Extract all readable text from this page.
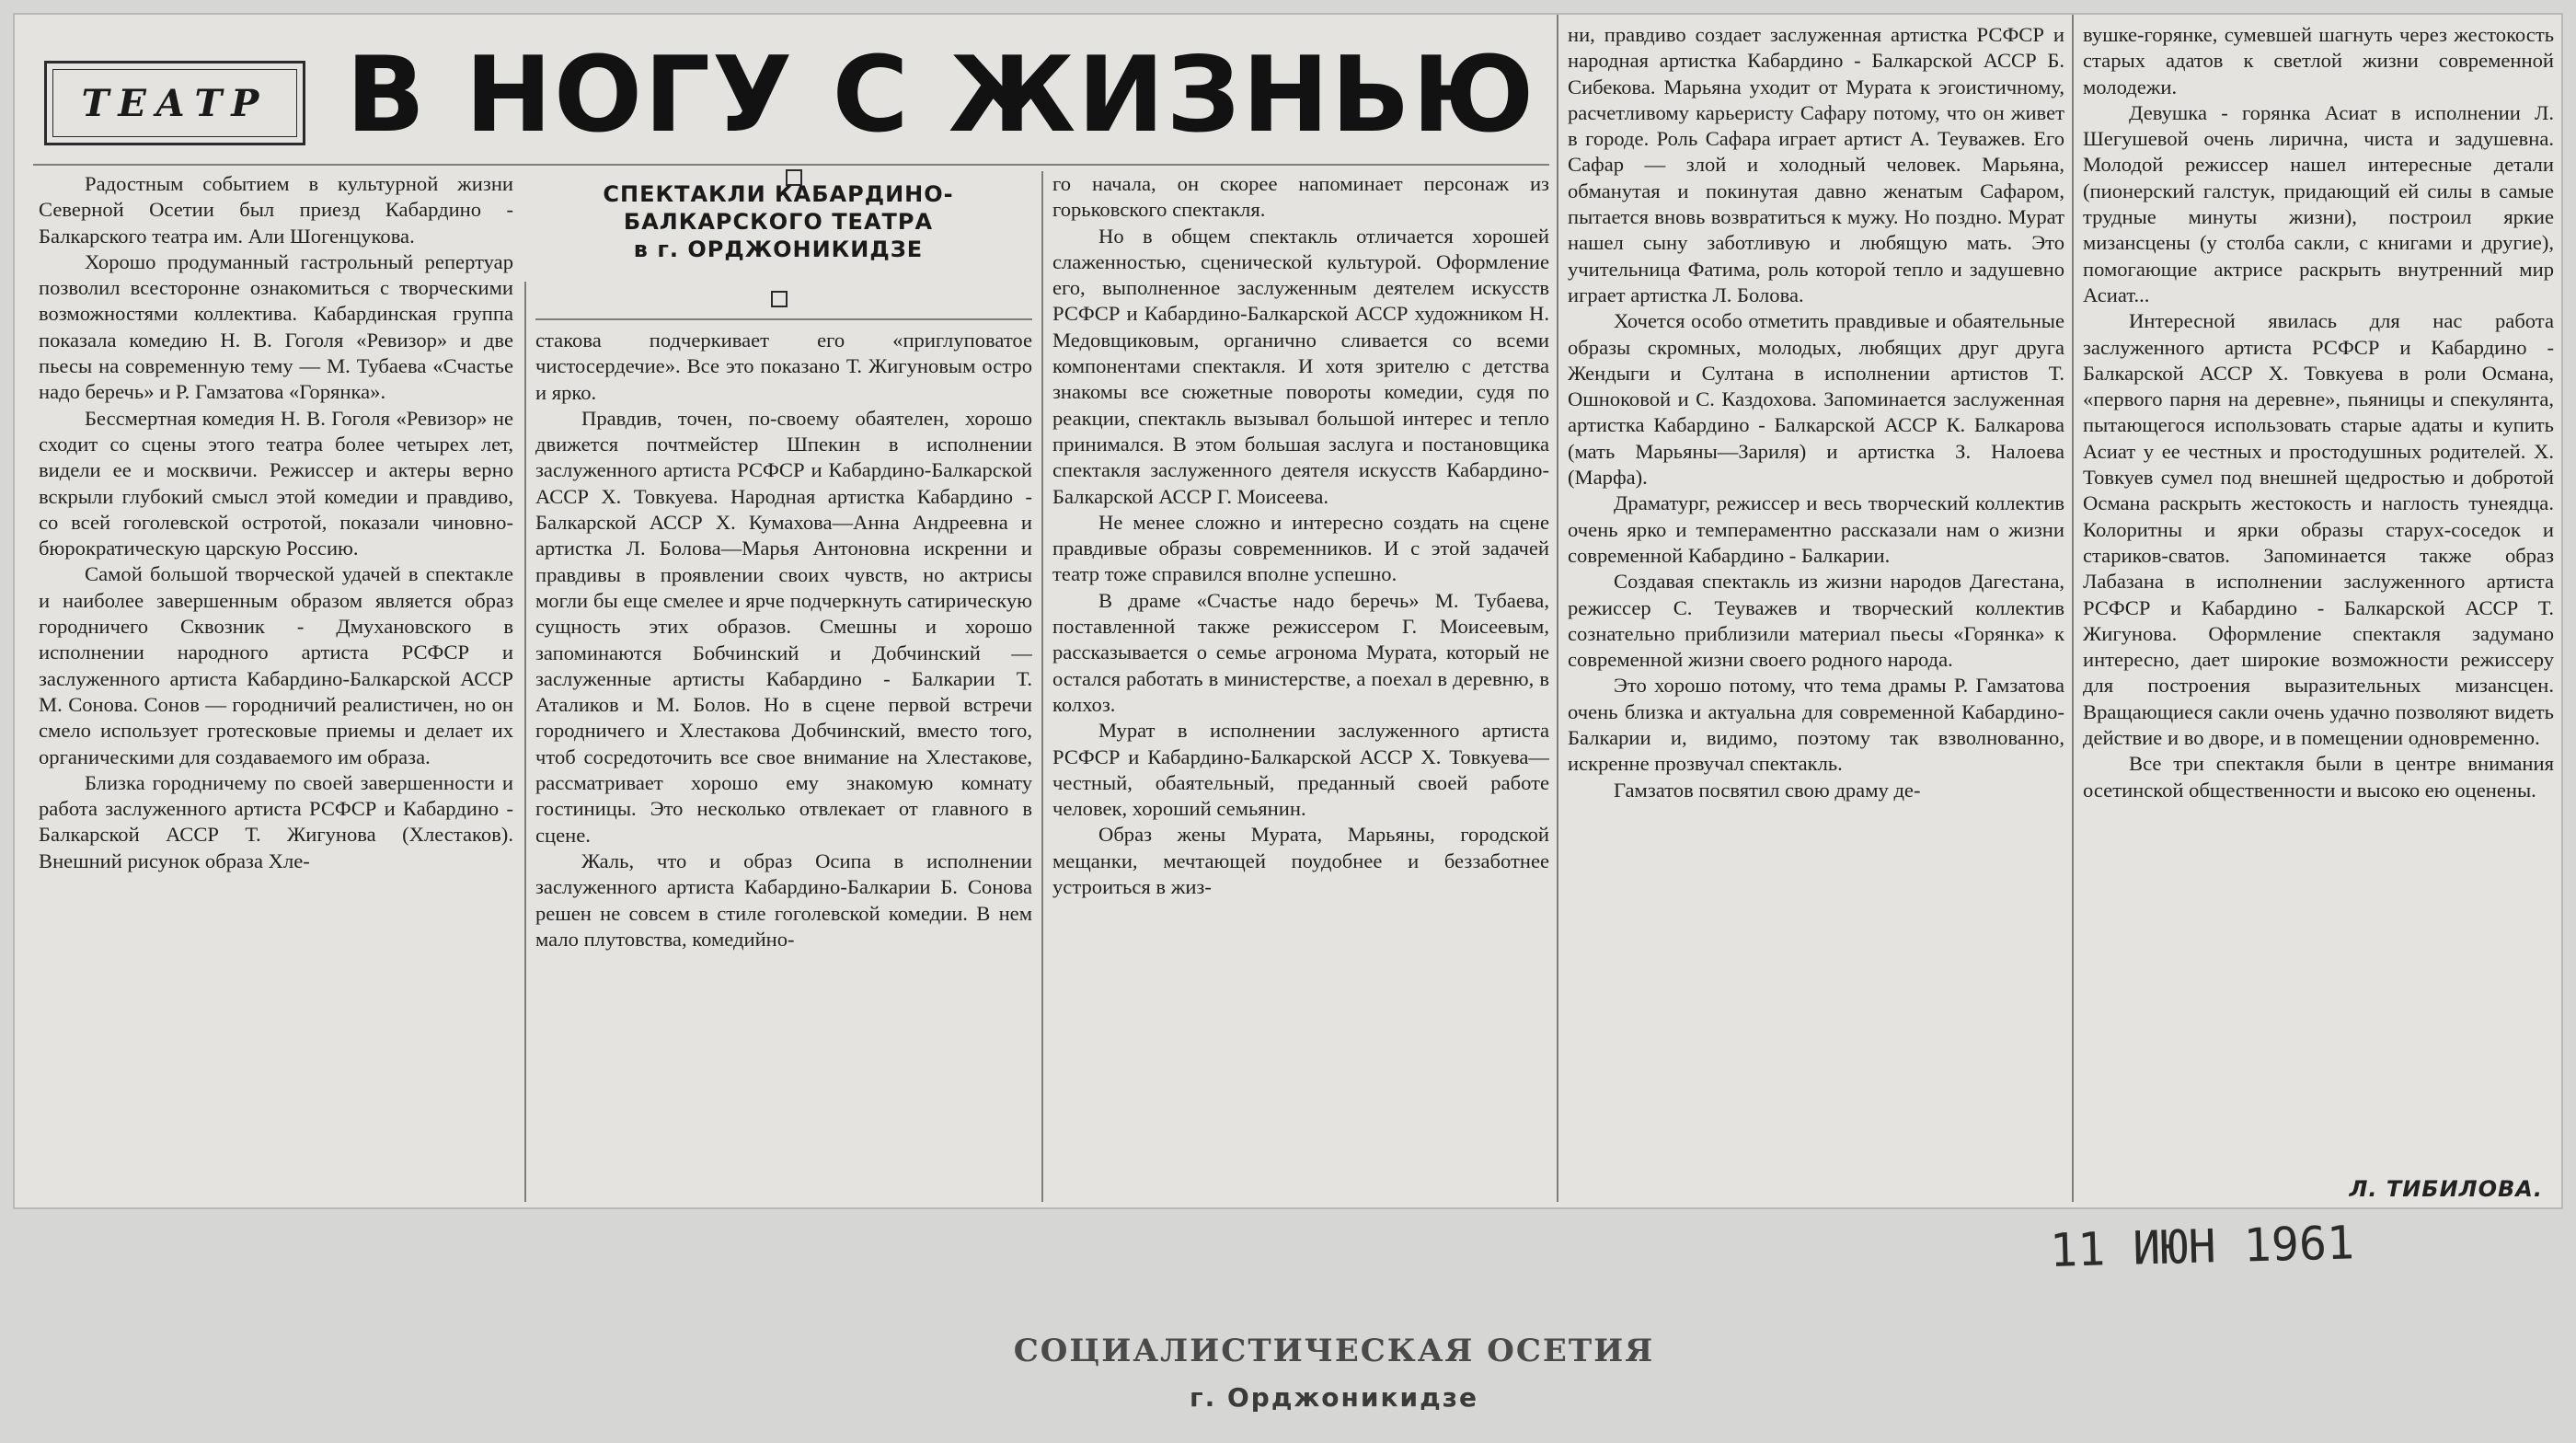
ТЕАТР В НОГУ С ЖИЗНЬЮ
СПЕКТАКЛИ КАБАРДИНО-
БАЛКАРСКОГО ТЕАТРА
в г. ОРДЖОНИКИДЗЕ

Радостным событием в культурной жизни Северной Осетии был приезд Кабардино - Балкарского театра им. Али Шогенцукова.

Хорошо продуманный гастрольный репертуар позволил всесторонне ознакомиться с творческими возможностями коллектива. Кабардинская группа показала комедию Н. В. Гоголя «Ревизор» и две пьесы на современную тему — М. Тубаева «Счастье надо беречь» и Р. Гамзатова «Горянка».

Бессмертная комедия Н. В. Гоголя «Ревизор» не сходит со сцены этого театра более четырех лет, видели ее и москвичи. Режиссер и актеры верно вскрыли глубокий смысл этой комедии и правдиво, со всей гоголевской остротой, показали чиновно-бюрократическую царскую Россию.

Самой большой творческой удачей в спектакле и наиболее завершенным образом является образ городничего Сквозник - Дмухановского в исполнении народного артиста РСФСР и заслуженного артиста Кабардино-Балкарской АССР М. Сонова. Сонов — городничий реалистичен, но он смело использует гротесковые приемы и делает их органическими для создаваемого им образа.

Близка городничему по своей завершенности и работа заслуженного артиста РСФСР и Кабардино - Балкарской АССР Т. Жигунова (Хлестаков). Внешний рисунок образа Хле-

стакова подчеркивает его «приглуповатое чистосердечие». Все это показано Т. Жигуновым остро и ярко.

Правдив, точен, по-своему обаятелен, хорошо движется почтмейстер Шпекин в исполнении заслуженного артиста РСФСР и Кабардино-Балкарской АССР Х. Товкуева. Народная артистка Кабардино - Балкарской АССР Х. Кумахова—Анна Андреевна и артистка Л. Болова—Марья Антоновна искренни и правдивы в проявлении своих чувств, но актрисы могли бы еще смелее и ярче подчеркнуть сатирическую сущность этих образов. Смешны и хорошо запоминаются Бобчинский и Добчинский — заслуженные артисты Кабардино - Балкарии Т. Аталиков и М. Болов. Но в сцене первой встречи городничего и Хлестакова Добчинский, вместо того, чтоб сосредоточить все свое внимание на Хлестакове, рассматривает хорошо ему знакомую комнату гостиницы. Это несколько отвлекает от главного в сцене.

Жаль, что и образ Осипа в исполнении заслуженного артиста Кабардино-Балкарии Б. Сонова решен не совсем в стиле гоголевской комедии. В нем мало плутовства, комедийно-

го начала, он скорее напоминает персонаж из горьковского спектакля.

Но в общем спектакль отличается хорошей слаженностью, сценической культурой. Оформление его, выполненное заслуженным деятелем искусств РСФСР и Кабардино-Балкарской АССР художником Н. Медовщиковым, органично сливается со всеми компонентами спектакля. И хотя зрителю с детства знакомы все сюжетные повороты комедии, судя по реакции, спектакль вызывал большой интерес и тепло принимался. В этом большая заслуга и постановщика спектакля заслуженного деятеля искусств Кабардино-Балкарской АССР Г. Моисеева.

Не менее сложно и интересно создать на сцене правдивые образы современников. И с этой задачей театр тоже справился вполне успешно.

В драме «Счастье надо беречь» М. Тубаева, поставленной также режиссером Г. Моисеевым, рассказывается о семье агронома Мурата, который не остался работать в министерстве, а поехал в деревню, в колхоз.

Мурат в исполнении заслуженного артиста РСФСР и Кабардино-Балкарской АССР Х. Товкуева—честный, обаятельный, преданный своей работе человек, хороший семьянин.

Образ жены Мурата, Марьяны, городской мещанки, мечтающей поудобнее и беззаботнее устроиться в жиз-

ни, правдиво создает заслуженная артистка РСФСР и народная артистка Кабардино - Балкарской АССР Б. Сибекова. Марьяна уходит от Мурата к эгоистичному, расчетливому карьеристу Сафару потому, что он живет в городе. Роль Сафара играет артист А. Теуважев. Его Сафар — злой и холодный человек. Марьяна, обманутая и покинутая давно женатым Сафаром, пытается вновь возвратиться к мужу. Но поздно. Мурат нашел сыну заботливую и любящую мать. Это учительница Фатима, роль которой тепло и задушевно играет артистка Л. Болова.

Хочется особо отметить правдивые и обаятельные образы скромных, молодых, любящих друг друга Жендыги и Султана в исполнении артистов Т. Ошноковой и С. Каздохова. Запоминается заслуженная артистка Кабардино - Балкарской АССР К. Балкарова (мать Марьяны—Зариля) и артистка З. Налоева (Марфа).

Драматург, режиссер и весь творческий коллектив очень ярко и темпераментно рассказали нам о жизни современной Кабардино - Балкарии.

Создавая спектакль из жизни народов Дагестана, режиссер С. Теуважев и творческий коллектив сознательно приблизили материал пьесы «Горянка» к современной жизни своего родного народа.

Это хорошо потому, что тема драмы Р. Гамзатова очень близка и актуальна для современной Кабардино-Балкарии и, видимо, поэтому так взволнованно, искренне прозвучал спектакль.

Гамзатов посвятил свою драму де-

вушке-горянке, сумевшей шагнуть через жестокость старых адатов к светлой жизни современной молодежи.

Девушка - горянка Асиат в исполнении Л. Шегушевой очень лирична, чиста и задушевна. Молодой режиссер нашел интересные детали (пионерский галстук, придающий ей силы в самые трудные минуты жизни), построил яркие мизансцены (у столба сакли, с книгами и другие), помогающие актрисе раскрыть внутренний мир Асиат...

Интересной явилась для нас работа заслуженного артиста РСФСР и Кабардино - Балкарской АССР Х. Товкуева в роли Османа, «первого парня на деревне», пьяницы и спекулянта, пытающегося использовать старые адаты и купить Асиат у ее честных и простодушных родителей. Х. Товкуев сумел под внешней щедростью и добротой Османа раскрыть жестокость и наглость тунеядца. Колоритны и ярки образы старух-соседок и стариков-сватов. Запоминается также образ Лабазана в исполнении заслуженного артиста РСФСР и Кабардино - Балкарской АССР Т. Жигунова. Оформление спектакля задумано интересно, дает широкие возможности режиссеру для построения выразительных мизансцен. Вращающиеся сакли очень удачно позволяют видеть действие и во дворе, и в помещении одновременно.

Все три спектакля были в центре внимания осетинской общественности и высоко ею оценены.

Л. ТИБИЛОВА.
11 ИЮН 1961
СОЦИАЛИСТИЧЕСКАЯ ОСЕТИЯ
г. Орджоникидзе
